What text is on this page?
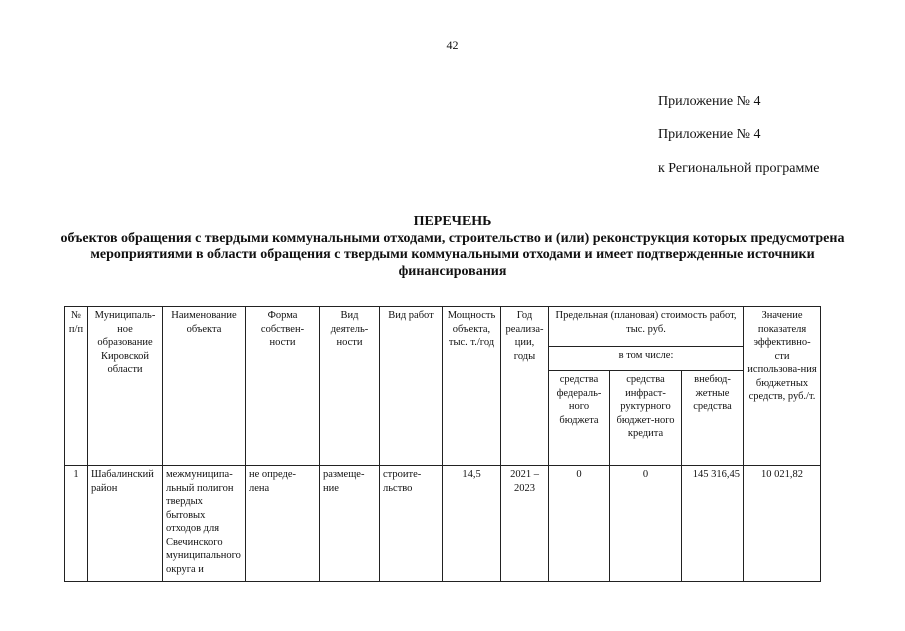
42
Приложение № 4
Приложение № 4
к Региональной программе
ПЕРЕЧЕНЬ
объектов обращения с твердыми коммунальными отходами, строительство и (или) реконструкция которых предусмотрена мероприятиями в области обращения с твердыми коммунальными отходами и имеет подтвержденные источники финансирования
№ п/п	Муниципаль-ное образование Кировской области	Наименование объекта	Форма собствен-ности	Вид деятель-ности	Вид работ	Мощность объекта, тыс. т./год	Год реализа-ции, годы	Предельная (плановая) стоимость работ, тыс. руб.			Значение показателя эффективно-сти использова-ния бюджетных средств, руб./т.
								в том числе:			
								средства федераль-ного бюджета	средства инфраст-руктурного бюджет-ного кредита	внебюд-жетные средства	
1	Шабалинский район	межмуниципа-льный полигон твердых бытовых отходов для Свечинского муниципального округа и	не опреде-лена	размеще-ние	строите-льство	14,5	2021 – 2023	0	0	145 316,45	10 021,82
